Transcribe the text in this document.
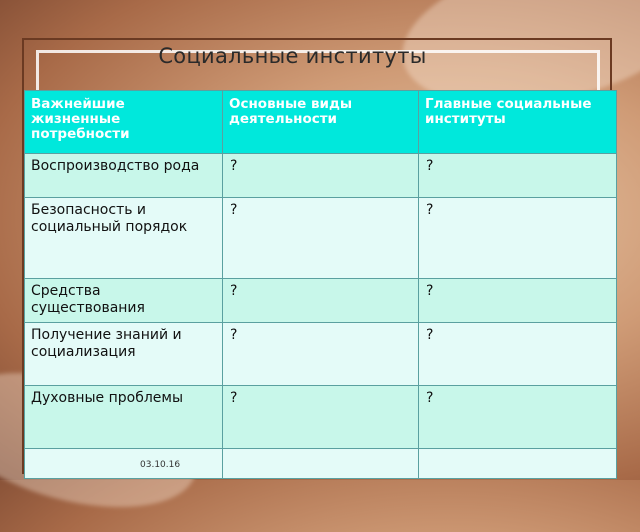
Социальные институты
Важнейшие жизненные потребности	Основные виды деятельности	Главные социальные институты
Воспроизводство рода	?	?
Безопасность и социальный порядок	?	?
Средства существования	?	?
Получение знаний и социализация	?	?
Духовные проблемы	?	?

03.10.16
